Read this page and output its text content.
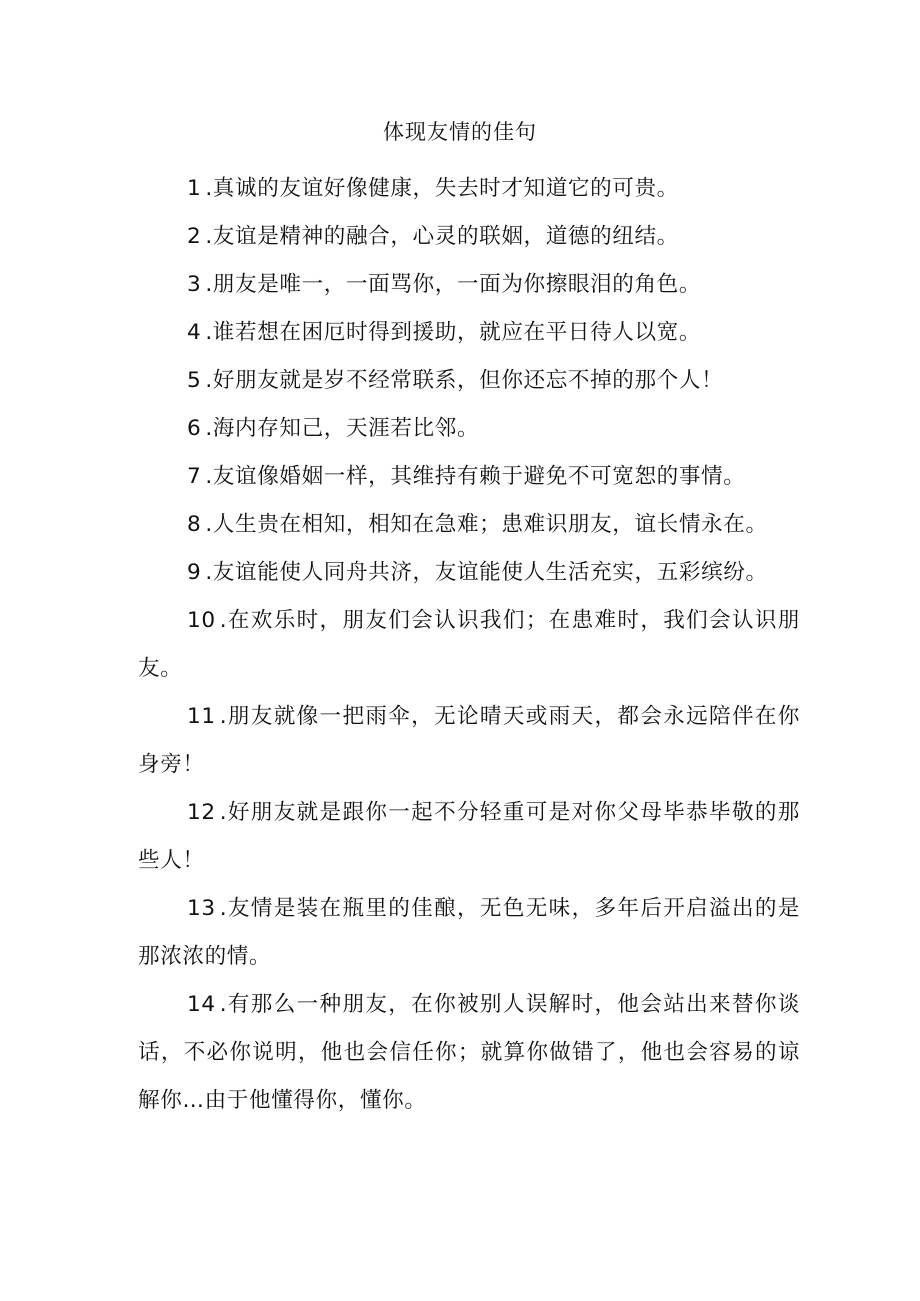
体现友情的佳句

1 .真诚的友谊好像健康，失去时才知道它的可贵。

2 .友谊是精神的融合，心灵的联姻，道德的纽结。

3 .朋友是唯一，一面骂你，一面为你擦眼泪的角色。

4 .谁若想在困厄时得到援助，就应在平日待人以宽。

5 .好朋友就是岁不经常联系，但你还忘不掉的那个人！

6 .海内存知己，天涯若比邻。

7 .友谊像婚姻一样，其维持有赖于避免不可宽恕的事情。

8 .人生贵在相知，相知在急难；患难识朋友，谊长情永在。

9 .友谊能使人同舟共济，友谊能使人生活充实，五彩缤纷。

10 .在欢乐时，朋友们会认识我们；在患难时，我们会认识朋友。

11 .朋友就像一把雨伞，无论晴天或雨天，都会永远陪伴在你身旁！

12 .好朋友就是跟你一起不分轻重可是对你父母毕恭毕敬的那些人！

13 .友情是装在瓶里的佳酿，无色无味，多年后开启溢出的是那浓浓的情。

14 .有那么一种朋友，在你被别人误解时，他会站出来替你谈话，不必你说明，他也会信任你；就算你做错了，他也会容易的谅解你…由于他懂得你，懂你。
